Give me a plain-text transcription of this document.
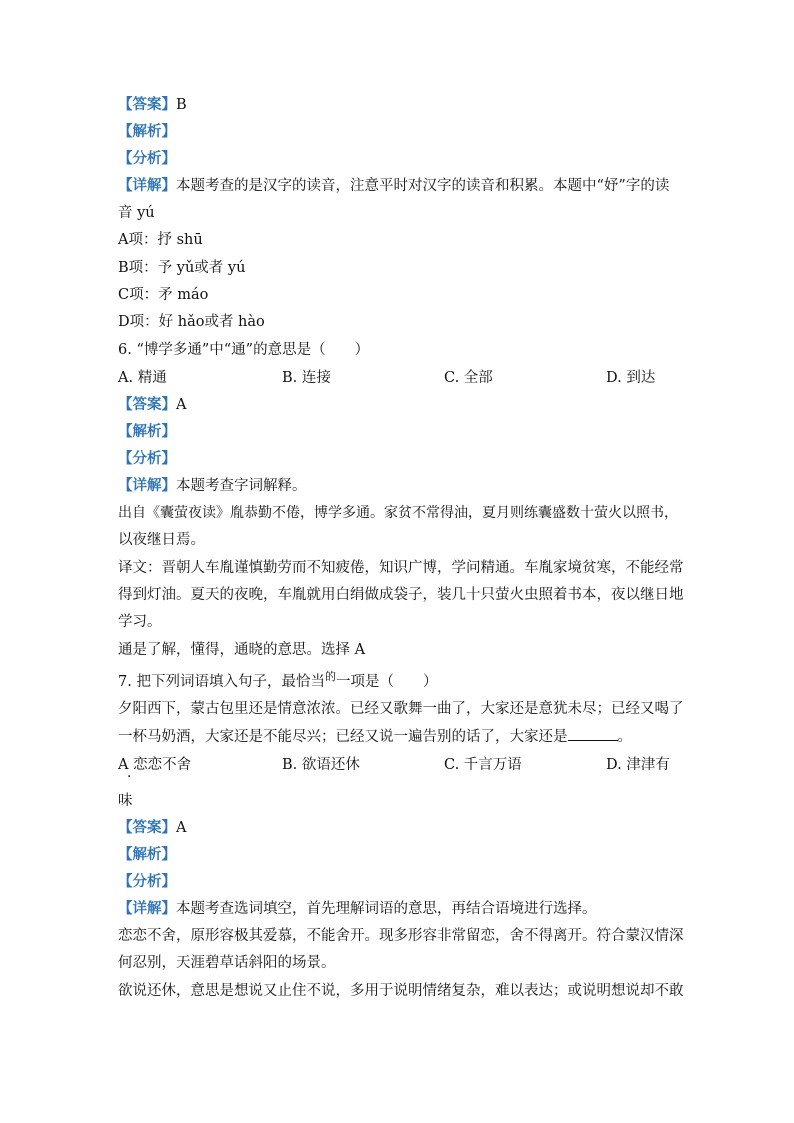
【答案】B
【解析】
【分析】
【详解】本题考查的是汉字的读音，注意平时对汉字的读音和积累。本题中“妤”字的读
音 yú
A项：抒 shū
B项：予 yǔ或者 yú
C项：矛 máo
D项：好 hǎo或者 hào
6. “博学多通”中“通”的意思是（　　）
A. 精通	B. 连接	C. 全部	D. 到达
【答案】A
【解析】
【分析】
【详解】本题考查字词解释。
出自《囊萤夜读》胤恭勤不倦，博学多通。家贫不常得油，夏月则练囊盛数十萤火以照书，
以夜继日焉。
译文：晋朝人车胤谨慎勤劳而不知疲倦，知识广博，学问精通。车胤家境贫寒，不能经常
得到灯油。夏天的夜晚，车胤就用白绢做成袋子，装几十只萤火虫照着书本，夜以继日地
学习。
通是了解，懂得，通晓的意思。选择 A
7. 把下列词语填入句子，最恰当$^的$一项是（　　）
夕阳西下，蒙古包里还是情意浓浓。已经又歌舞一曲了，大家还是意犹未尽；已经又喝了
一杯马奶酒，大家还是不能尽兴；已经又说一遍告别的话了，大家还是	。
A 恋恋不舍
·
B. 欲语还休	C. 千言万语	D. 津津有
味
【答案】A
【解析】
【分析】
【详解】本题考查选词填空，首先理解词语的意思，再结合语境进行选择。
恋恋不舍，原形容极其爱慕，不能舍开。现多形容非常留恋，舍不得离开。符合蒙汉情深
何忍别，天涯碧草话斜阳的场景。
欲说还休，意思是想说又止住不说，多用于说明情绪复杂，难以表达；或说明想说却不敢
